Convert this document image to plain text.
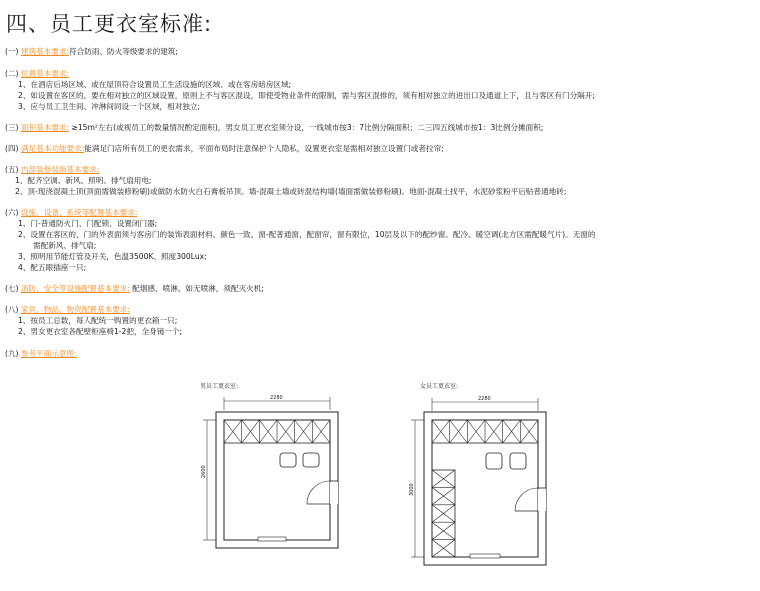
四、员工更衣室标准:
(一) 建筑基本要求:符合防雨、防火等级要求的建筑;
(二) 位置基本要求:
1、在酒店后场区域、或在屋顶符合设置员工生活设施的区域、或在客房暗房区域;
2、如设置在客区的，要在相对独立的区域设置，原则上不与客区混设，即使受物业条件的限制，需与客区混排的，须有相对独立的进出口及通道上下，且与客区有门分隔开;
3、应与员工卫生间、冲淋间同设一个区域，相对独立;
(三) 面积基本要求: ≥15m²左右(或视员工的数量情况酌定面积)，男女员工更衣室须分设，一线城市按3：7比例分隔面积；二三四五线城市按1：3比例分摊面积;
(四) 满足基本功能要求:能满足门店所有员工的更衣需求，平面布局时注意保护个人隐私，设置更衣室是需相对独立设置门或者拉帘;
(五) 内部装修装饰基本要求:
1、配齐空调、新风、照明、排气扇用电;
2、顶-现浇混凝土顶(顶面需做装修粉刷)或做防水防火白石膏板吊顶。墙-混凝土墙或砖混结构墙(墙面需做装修粉刷)。地面-混凝土找平，水泥砂浆粉平后贴普通地砖;
(六) 设施、设备、系统等配置基本要求:
1、门-普通防火门、门配锁、设置闭门器;
2、设置在客区的，门的外表面须与客房门的装饰表面材料、颜色一致。窗-配普通窗，配窗帘，窗有限位，10层及以下的配纱窗。配冷、暖空调(北方区需配暖气片)。无窗的
需配新风、排气扇;
3、照明用节能灯管及开关，色温3500K、照度300Lux;
4、配五眼插座一只;
(七) 消防、安全等设施配置基本要求: 配烟感、喷淋。如无喷淋，须配灭火机;
(八) 家具、物品、物资配置基本要求:
1、按员工总数，每人配统一购置的更衣箱一只;
2、男女更衣室各配壁柜座椅1-2把，全身镜一个;
(九) 参考平面示意图:
男员工更衣室:
2280
2600
女员工更衣室:
2280
3000
